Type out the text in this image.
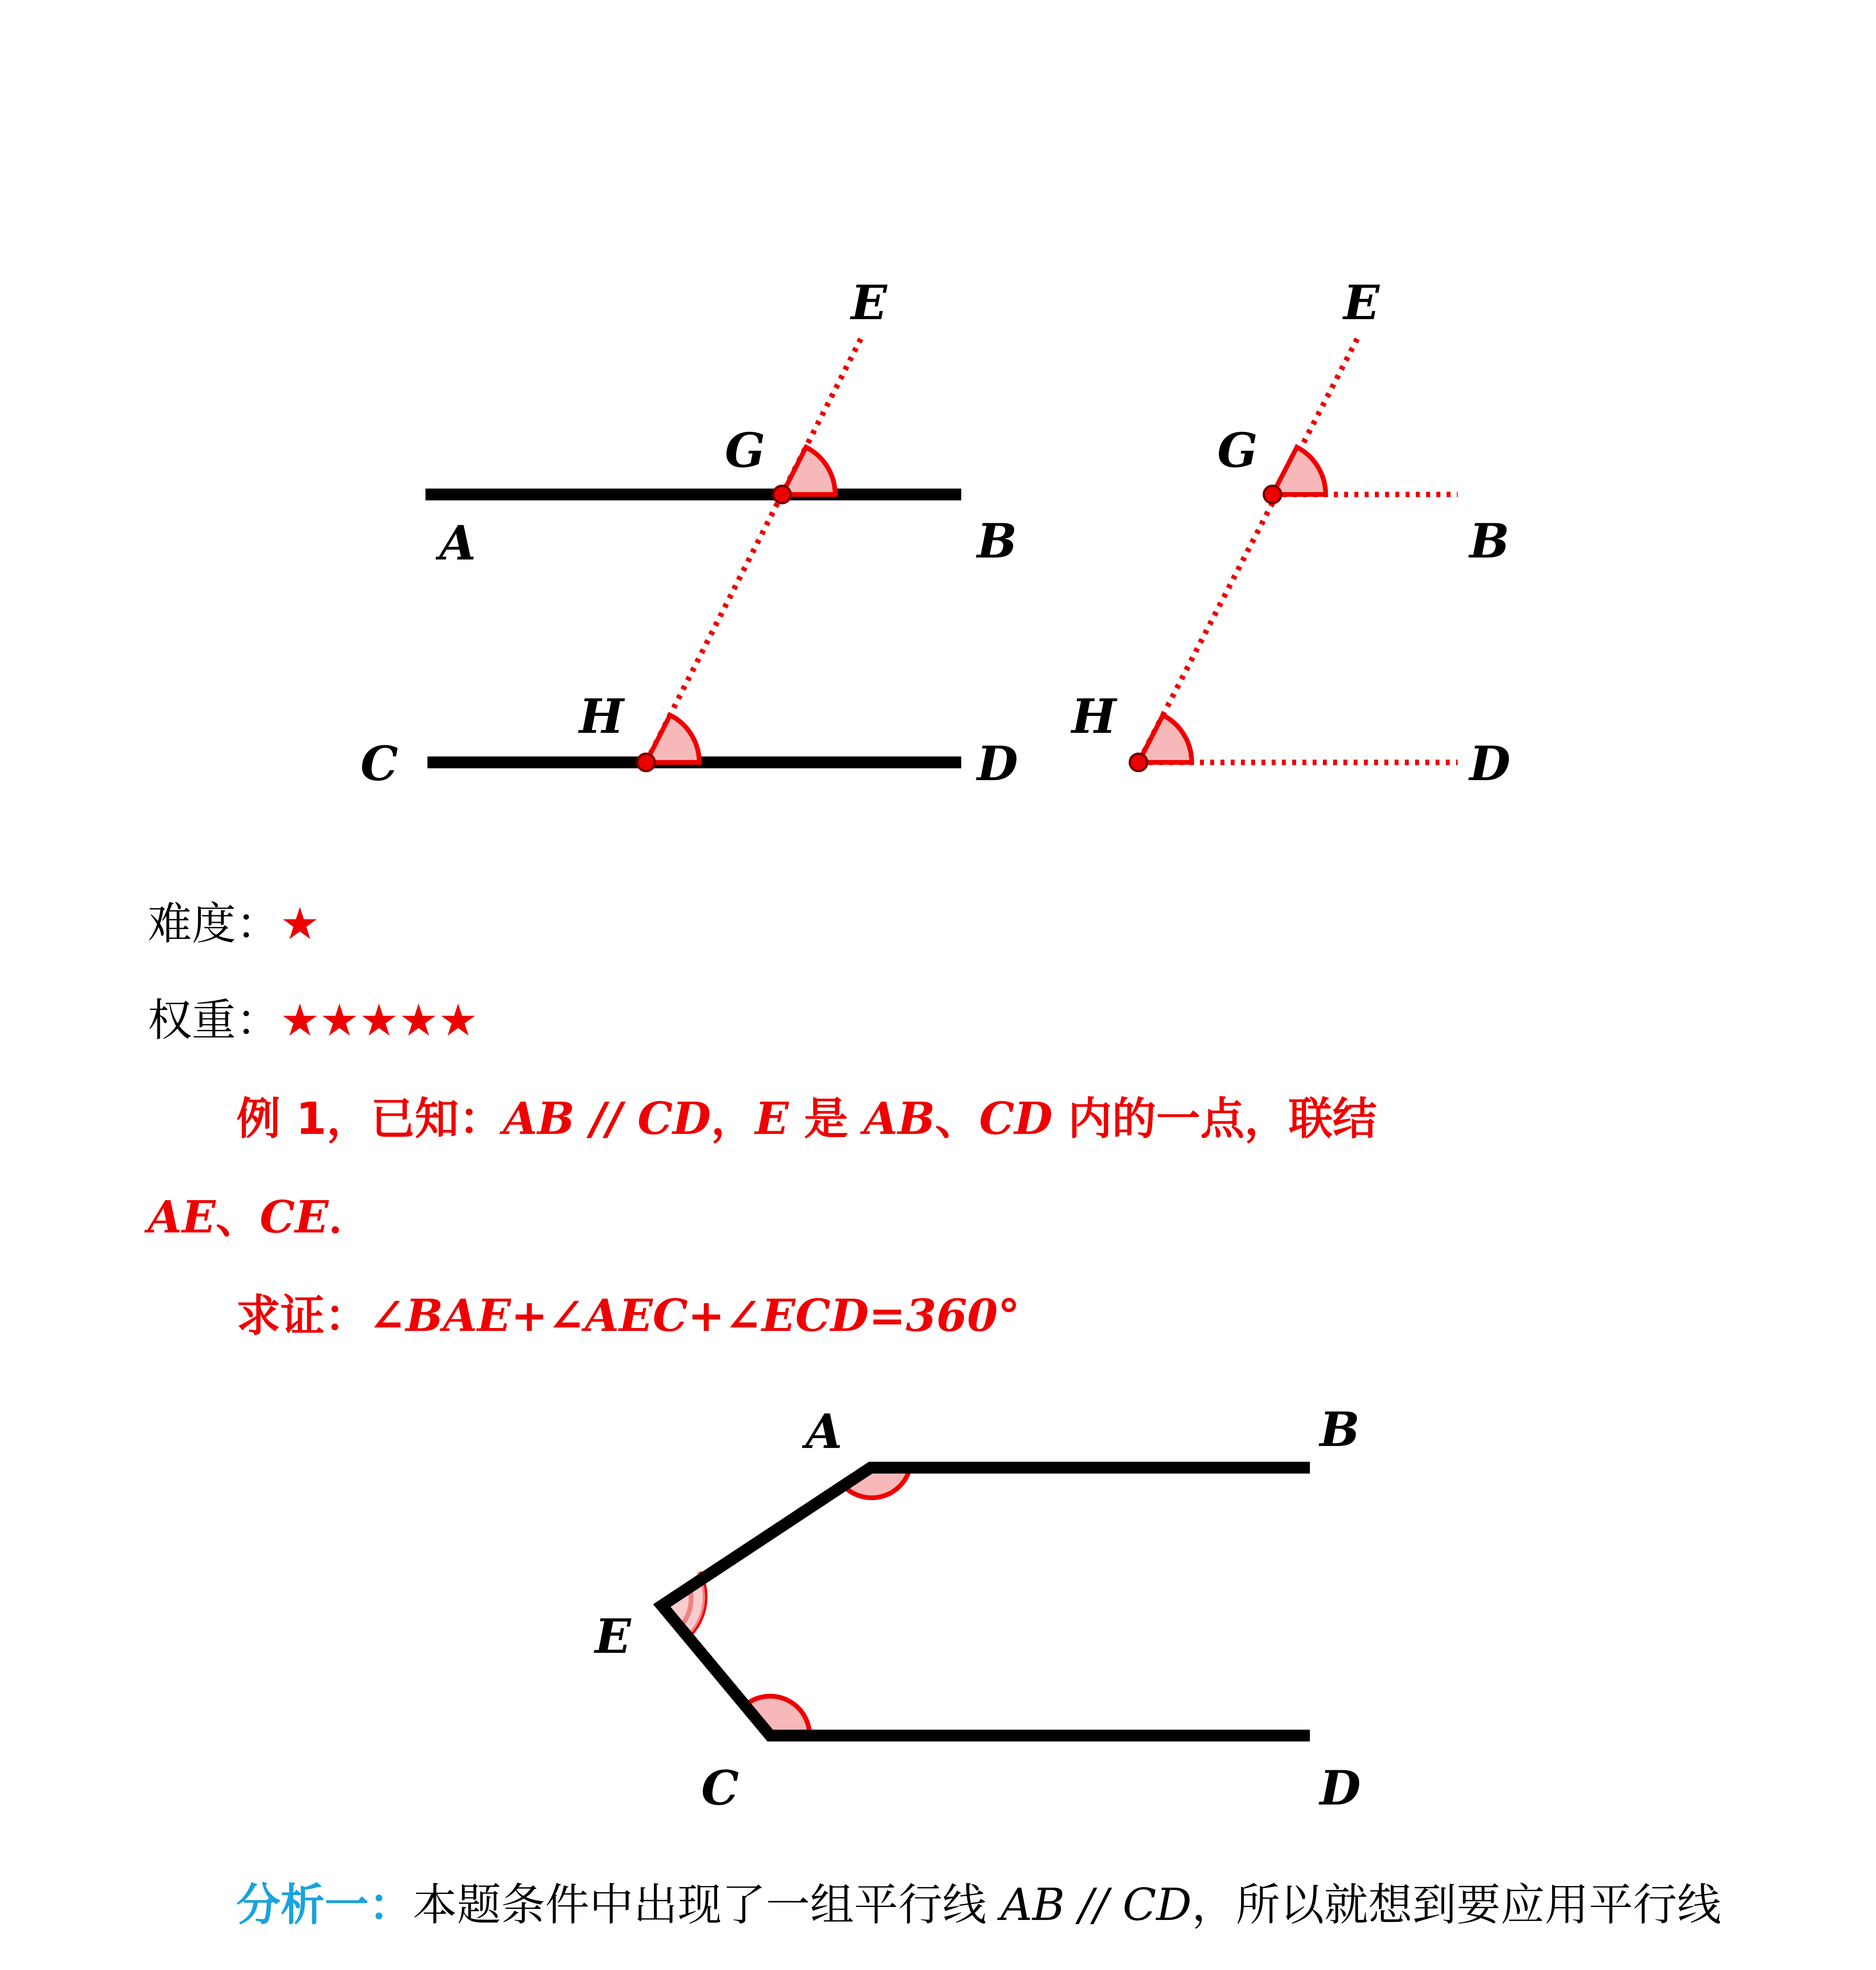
E
G
A	B
H
C	D
E
G
B
H
D
难度：★
权重：★★★★★
例 1，已知：AB // CD，E 是 AB、CD 内的一点，联结
AE、CE．
求证：∠BAE+∠AEC+∠ECD=360°
A	B
E
C	D
分析一：本题条件中出现了一组平行线 AB // CD，所以就想到要应用平行线
